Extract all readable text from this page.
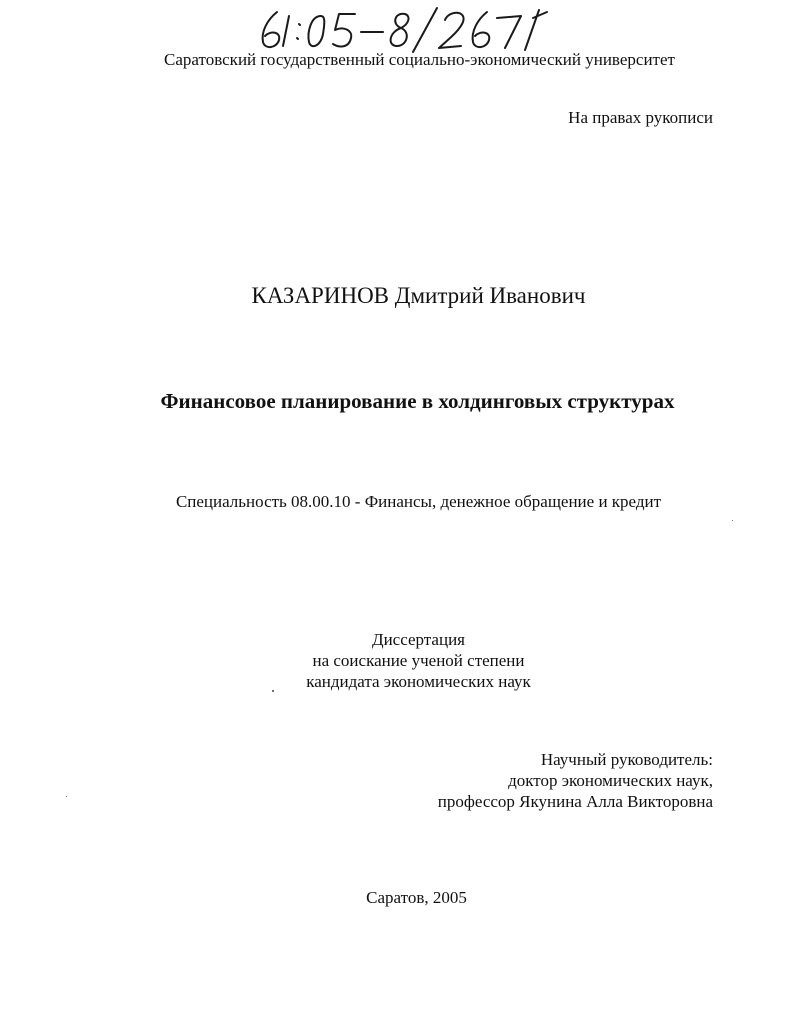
Саратовский государственный социально-экономический университет
На правах рукописи
КАЗАРИНОВ Дмитрий Иванович
Финансовое планирование в холдинговых структурах
Специальность 08.00.10 - Финансы, денежное обращение и кредит
Диссертация
на соискание ученой степени
кандидата экономических наук
Научный руководитель:
доктор экономических наук,
профессор Якунина Алла Викторовна
Саратов, 2005
